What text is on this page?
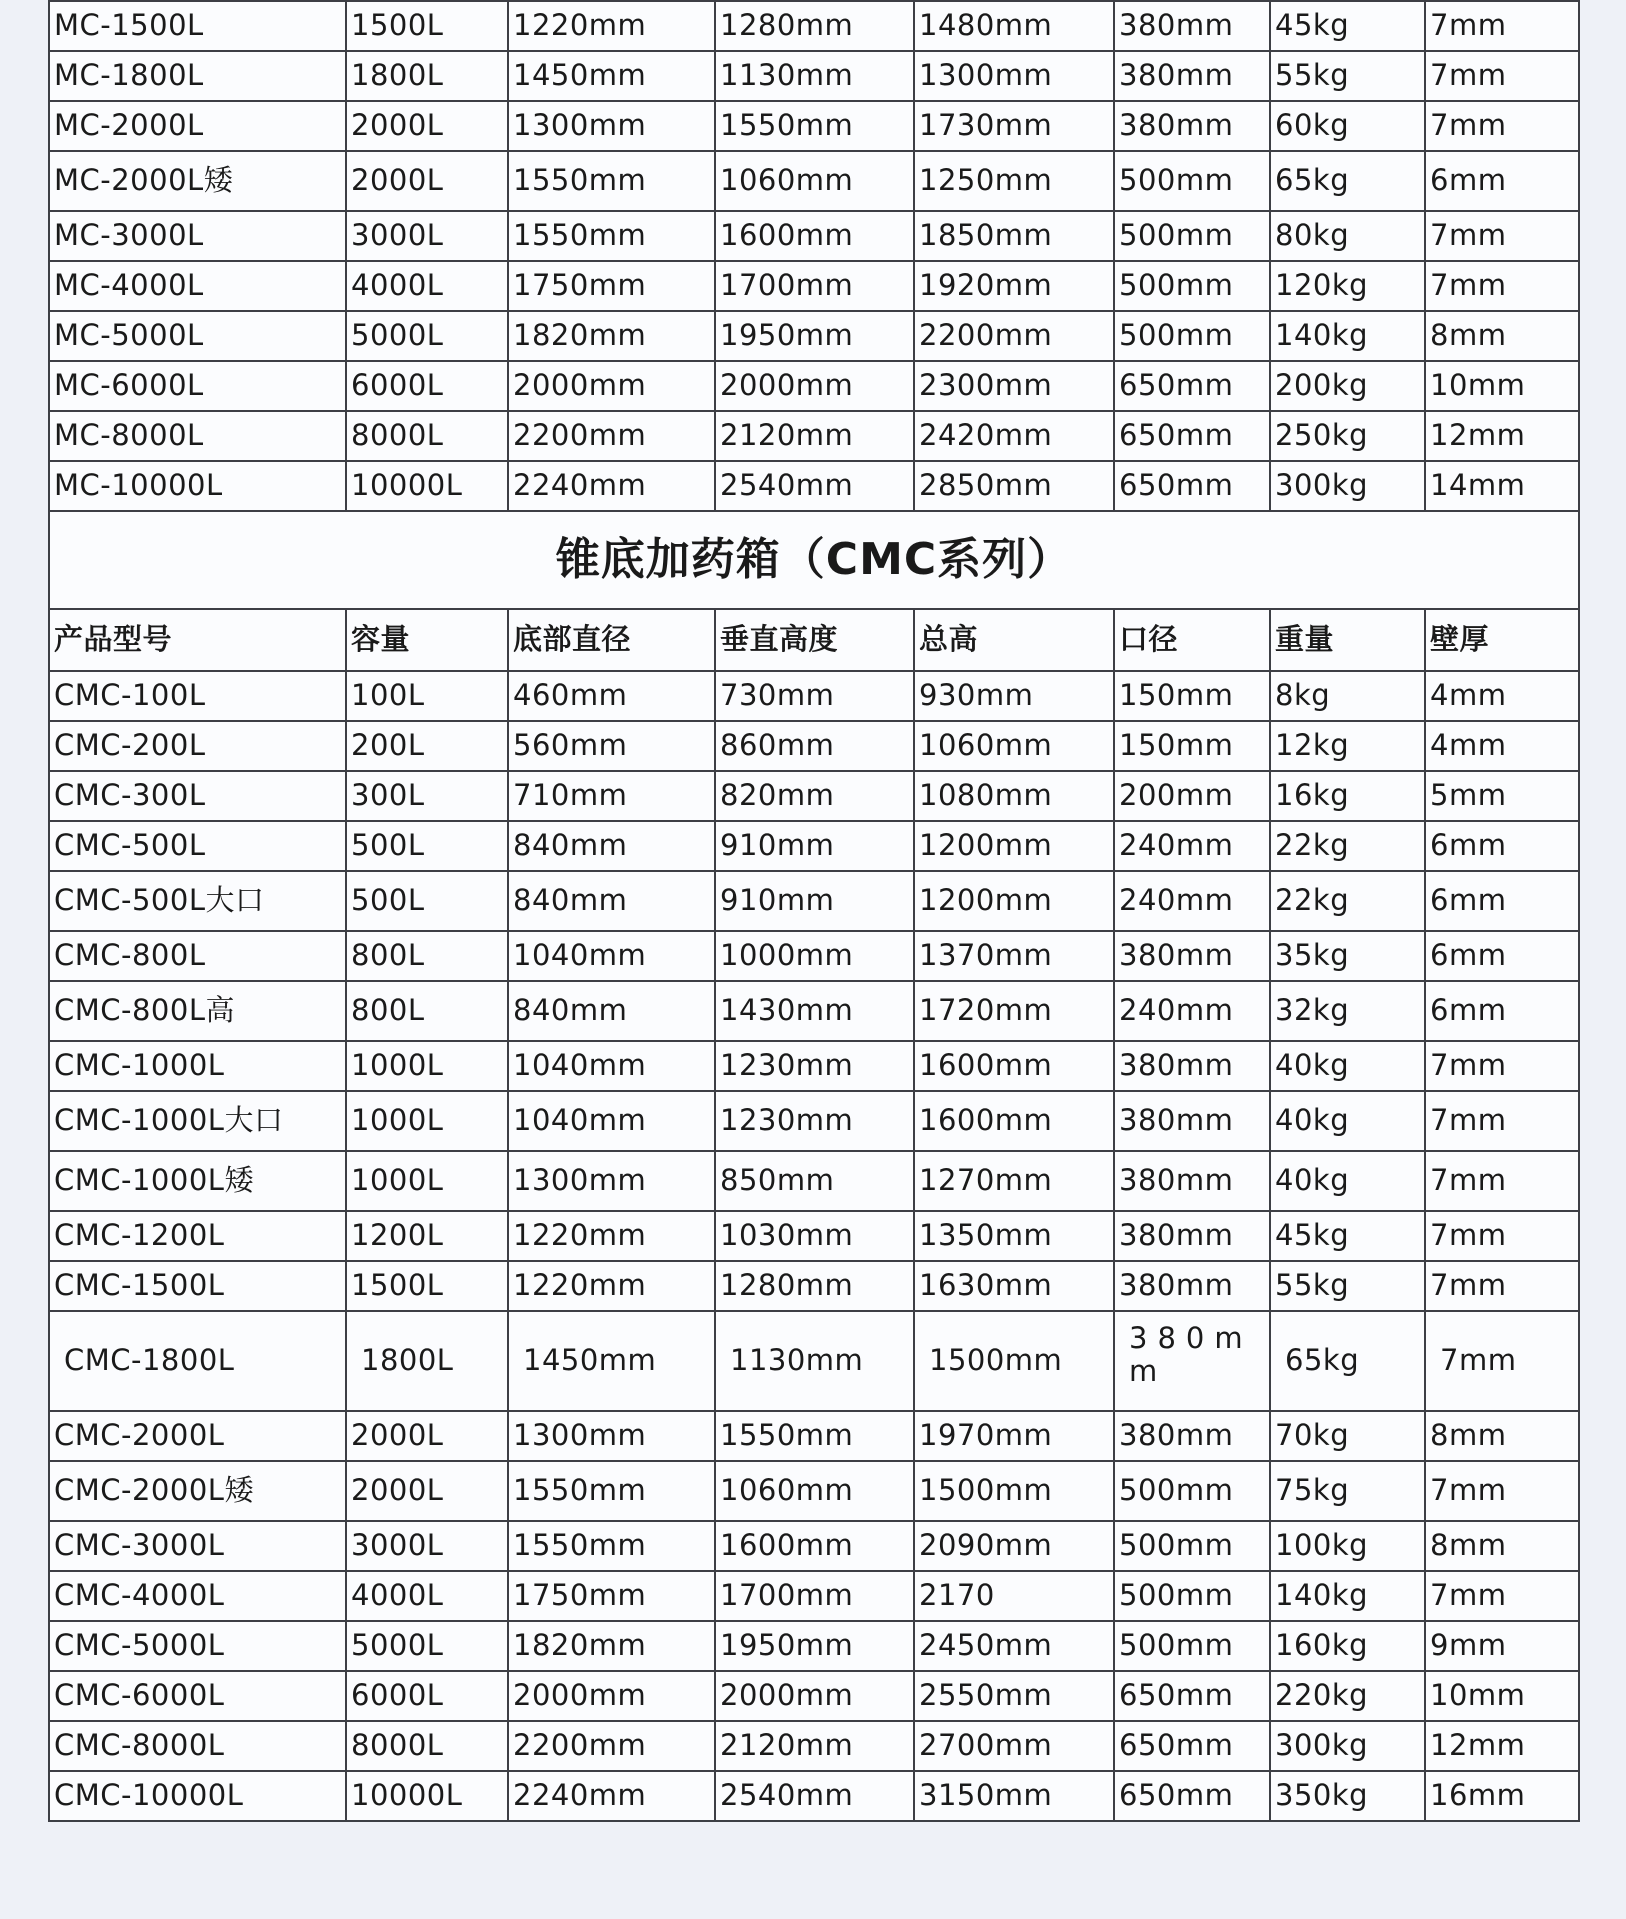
MC-1500L	1500L	1220mm	1280mm	1480mm	380mm	45kg	7mm
MC-1800L	1800L	1450mm	1130mm	1300mm	380mm	55kg	7mm
MC-2000L	2000L	1300mm	1550mm	1730mm	380mm	60kg	7mm
MC-2000L矮	2000L	1550mm	1060mm	1250mm	500mm	65kg	6mm
MC-3000L	3000L	1550mm	1600mm	1850mm	500mm	80kg	7mm
MC-4000L	4000L	1750mm	1700mm	1920mm	500mm	120kg	7mm
MC-5000L	5000L	1820mm	1950mm	2200mm	500mm	140kg	8mm
MC-6000L	6000L	2000mm	2000mm	2300mm	650mm	200kg	10mm
MC-8000L	8000L	2200mm	2120mm	2420mm	650mm	250kg	12mm
MC-10000L	10000L	2240mm	2540mm	2850mm	650mm	300kg	14mm
锥底加药箱（CMC系列）							
产品型号	容量	底部直径	垂直高度	总高	口径	重量	壁厚
CMC-100L	100L	460mm	730mm	930mm	150mm	8kg	4mm
CMC-200L	200L	560mm	860mm	1060mm	150mm	12kg	4mm
CMC-300L	300L	710mm	820mm	1080mm	200mm	16kg	5mm
CMC-500L	500L	840mm	910mm	1200mm	240mm	22kg	6mm
CMC-500L大口	500L	840mm	910mm	1200mm	240mm	22kg	6mm
CMC-800L	800L	1040mm	1000mm	1370mm	380mm	35kg	6mm
CMC-800L高	800L	840mm	1430mm	1720mm	240mm	32kg	6mm
CMC-1000L	1000L	1040mm	1230mm	1600mm	380mm	40kg	7mm
CMC-1000L大口	1000L	1040mm	1230mm	1600mm	380mm	40kg	7mm
CMC-1000L矮	1000L	1300mm	850mm	1270mm	380mm	40kg	7mm
CMC-1200L	1200L	1220mm	1030mm	1350mm	380mm	45kg	7mm
CMC-1500L	1500L	1220mm	1280mm	1630mm	380mm	55kg	7mm
CMC-1800L	1800L	1450mm	1130mm	1500mm	380mm	65kg	7mm
CMC-2000L	2000L	1300mm	1550mm	1970mm	380mm	70kg	8mm
CMC-2000L矮	2000L	1550mm	1060mm	1500mm	500mm	75kg	7mm
CMC-3000L	3000L	1550mm	1600mm	2090mm	500mm	100kg	8mm
CMC-4000L	4000L	1750mm	1700mm	2170	500mm	140kg	7mm
CMC-5000L	5000L	1820mm	1950mm	2450mm	500mm	160kg	9mm
CMC-6000L	6000L	2000mm	2000mm	2550mm	650mm	220kg	10mm
CMC-8000L	8000L	2200mm	2120mm	2700mm	650mm	300kg	12mm
CMC-10000L	10000L	2240mm	2540mm	3150mm	650mm	350kg	16mm
